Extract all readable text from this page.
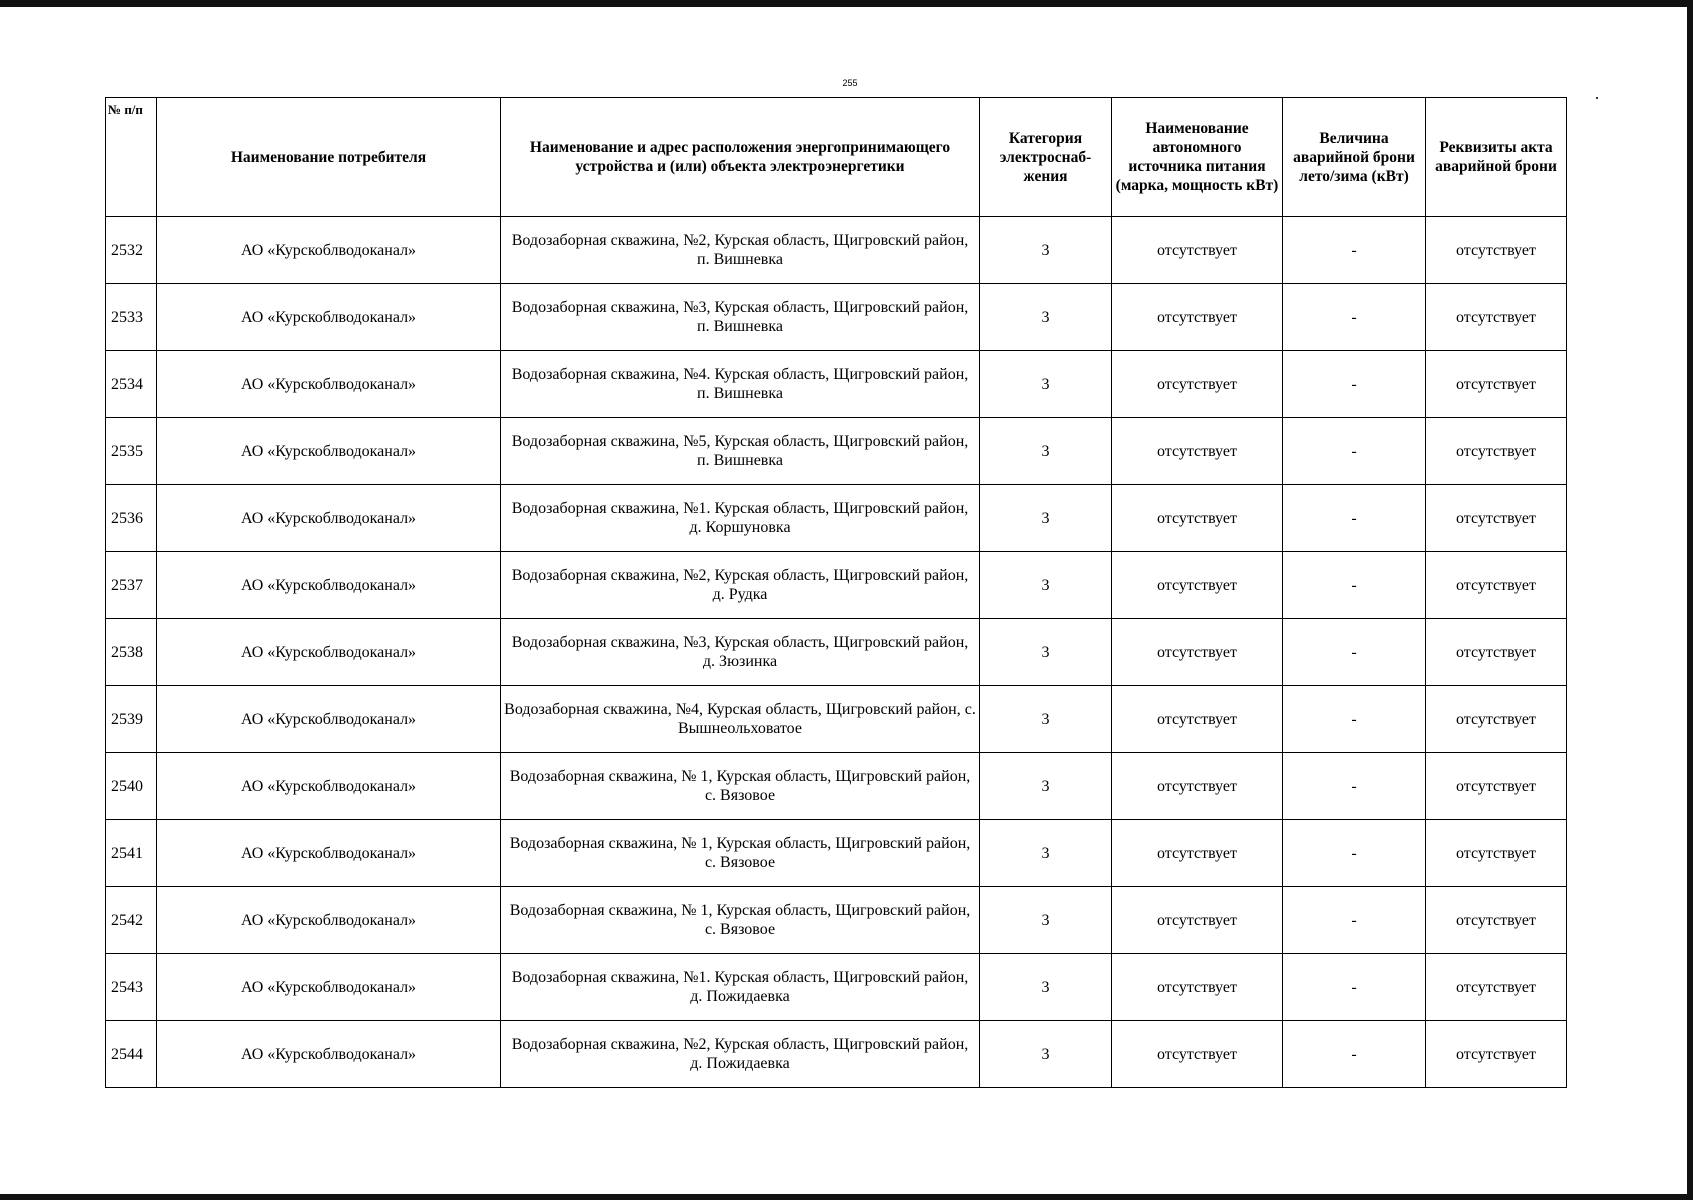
255
№ п/п	Наименование потребителя	Наименование и адрес расположения энергопринимающего устройства и (или) объекта электроэнергетики	Категория электроснаб-жения	Наименование автономного источника питания (марка, мощность кВт)	Величина аварийной брони лето/зима (кВт)	Реквизиты акта аварийной брони
2532	АО «Курскоблводоканал»	Водозаборная скважина, №2, Курская область, Щигровский район, п. Вишневка	3	отсутствует	-	отсутствует
2533	АО «Курскоблводоканал»	Водозаборная скважина, №3, Курская область, Щигровский район, п. Вишневка	3	отсутствует	-	отсутствует
2534	АО «Курскоблводоканал»	Водозаборная скважина, №4. Курская область, Щигровский район, п. Вишневка	3	отсутствует	-	отсутствует
2535	АО «Курскоблводоканал»	Водозаборная скважина, №5, Курская область, Щигровский район, п. Вишневка	3	отсутствует	-	отсутствует
2536	АО «Курскоблводоканал»	Водозаборная скважина, №1. Курская область, Щигровский район, д. Коршуновка	3	отсутствует	-	отсутствует
2537	АО «Курскоблводоканал»	Водозаборная скважина, №2, Курская область, Щигровский район, д. Рудка	3	отсутствует	-	отсутствует
2538	АО «Курскоблводоканал»	Водозаборная скважина, №3, Курская область, Щигровский район, д. Зюзинка	3	отсутствует	-	отсутствует
2539	АО «Курскоблводоканал»	Водозаборная скважина, №4, Курская область, Щигровский район, с. Вышнеольховатое	3	отсутствует	-	отсутствует
2540	АО «Курскоблводоканал»	Водозаборная скважина, № 1, Курская область, Щигровский район, с. Вязовое	3	отсутствует	-	отсутствует
2541	АО «Курскоблводоканал»	Водозаборная скважина, № 1, Курская область, Щигровский район, с. Вязовое	3	отсутствует	-	отсутствует
2542	АО «Курскоблводоканал»	Водозаборная скважина, № 1, Курская область, Щигровский район, с. Вязовое	3	отсутствует	-	отсутствует
2543	АО «Курскоблводоканал»	Водозаборная скважина, №1. Курская область, Щигровский район, д. Пожидаевка	3	отсутствует	-	отсутствует
2544	АО «Курскоблводоканал»	Водозаборная скважина, №2, Курская область, Щигровский район, д. Пожидаевка	3	отсутствует	-	отсутствует
